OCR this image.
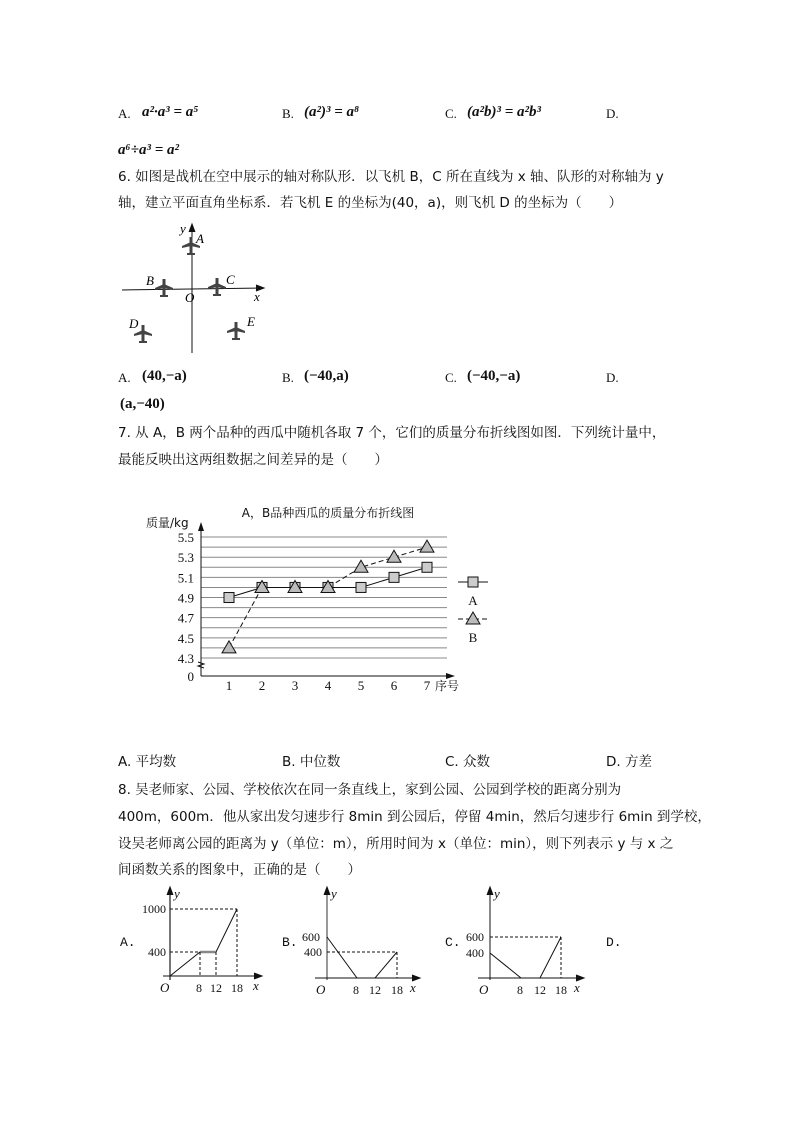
A. a²·a³ = a⁵	B. (a²)³ = a⁸	C. (a²b)³ = a²b³	D.
a⁶÷a³ = a²
6. 如图是战机在空中展示的轴对称队形．以飞机 B，C 所在直线为 x 轴、队形的对称轴为 y
轴，建立平面直角坐标系．若飞机 E 的坐标为(40，a)，则飞机 D 的坐标为（　　）
y
A
B	C
O	x
D	E
A，B品种西瓜的质量分布折线图
质量/kg
序号
5.5
5.3
5.1
4.9
4.7
4.5
4.3
0
1 2 3 4 5 6 7
A
B
1000
400
8 12 18
O
y
x
600
400
8 12 18
O
y
x
600
400
8 12 18
O
y
x
A. (40,−a)	B. (−40,a)	C. (−40,−a)	D.
(a,−40)
7. 从 A，B 两个品种的西瓜中随机各取 7 个，它们的质量分布折线图如图．下列统计量中，
最能反映出这两组数据之间差异的是（　　）
A. 平均数	B. 中位数	C. 众数	D. 方差
8. 吴老师家、公园、学校依次在同一条直线上，家到公园、公园到学校的距离分别为
400m，600m．他从家出发匀速步行 8min 到公园后，停留 4min，然后匀速步行 6min 到学校，
设吴老师离公园的距离为 y（单位：m），所用时间为 x（单位：min），则下列表示 y 与 x 之
间函数关系的图象中，正确的是（　　）
A.	B.	C.	D.
